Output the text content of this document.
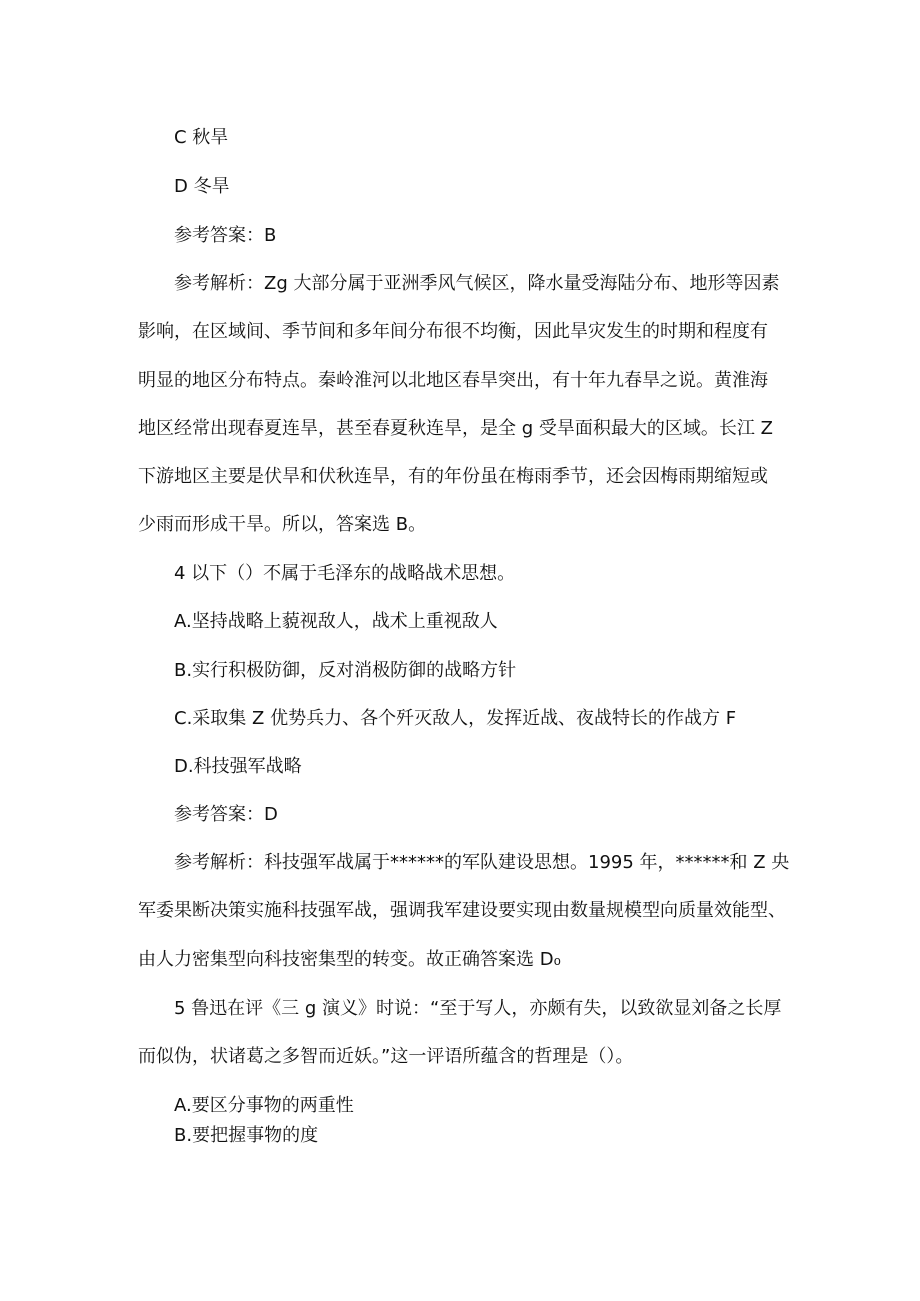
C 秋旱
D 冬旱
参考答案：B
参考解析：Zg 大部分属于亚洲季风气候区，降水量受海陆分布、地形等因素
影响，在区域间、季节间和多年间分布很不均衡，因此旱灾发生的时期和程度有
明显的地区分布特点。秦岭淮河以北地区春旱突出，有十年九春旱之说。黄淮海
地区经常出现春夏连旱，甚至春夏秋连旱，是全 g 受旱面积最大的区域。长江 Z
下游地区主要是伏旱和伏秋连旱，有的年份虽在梅雨季节，还会因梅雨期缩短或
少雨而形成干旱。所以，答案选 B。
4 以下（）不属于毛泽东的战略战术思想。
A.坚持战略上藐视敌人，战术上重视敌人
B.实行积极防御，反对消极防御的战略方针
C.采取集 Z 优势兵力、各个歼灭敌人，发挥近战、夜战特长的作战方 F
D.科技强军战略
参考答案：D
参考解析：科技强军战属于******的军队建设思想。1995 年，******和 Z 央
军委果断决策实施科技强军战，强调我军建设要实现由数量规模型向质量效能型、
由人力密集型向科技密集型的转变。故正确答案选 D₀
5 鲁迅在评《三 g 演义》时说：“至于写人，亦颇有失，以致欲显刘备之长厚
而似伪，状诸葛之多智而近妖。”这一评语所蕴含的哲理是（）。
A.要区分事物的两重性
B.要把握事物的度
